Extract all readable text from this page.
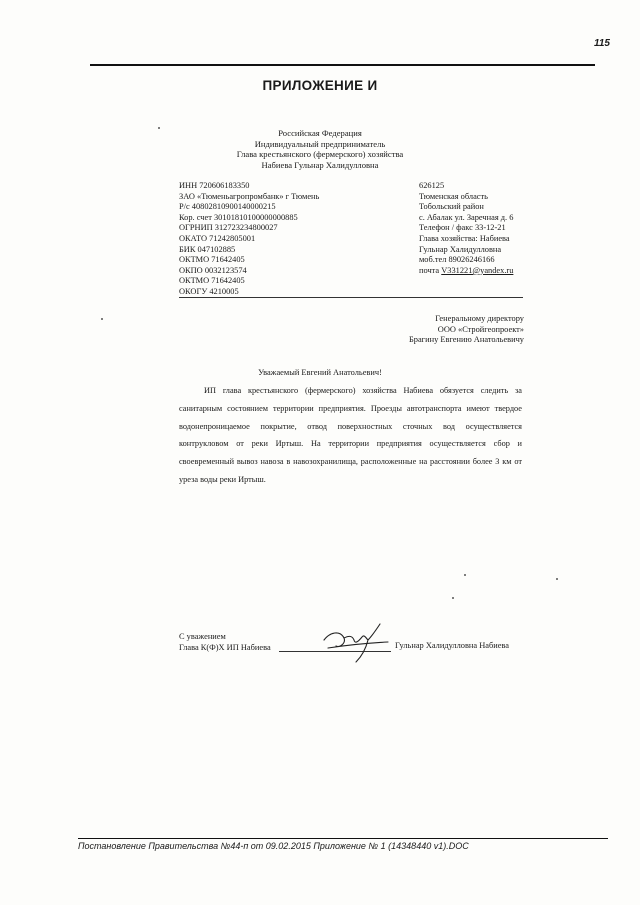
115
ПРИЛОЖЕНИЕ И
Российская Федерация
Индивидуальный предприниматель
Глава крестьянского (фермерского) хозяйства
Набиева Гульнар Халидулловна
ИНН 720606183350
ЗАО «Тюменьагропромбанк» г Тюмень
Р/с 40802810900140000215
Кор. счет 30101810100000000885
ОГРНИП 312723234800027
ОКАТО 71242805001
БИК 047102885
ОКТМО 71642405
ОКПО 0032123574
ОКТМО 71642405
ОКОГУ 4210005
626125
Тюменская область
Тобольский район
с. Абалак ул. Заречная д. 6
Телефон / факс 33-12-21
Глава хозяйства: Набиева
Гульнар Халидулловна
моб.тел 89026246166
почта V331221@yandex.ru
Генеральному директору
ООО «Стройгеопроект»
Брагину Евгению Анатольевичу
Уважаемый Евгений Анатольевич!
ИП глава крестьянского (фермерского) хозяйства Набиева обязуется следить за санитарным состоянием территории предприятия. Проезды автотранспорта имеют твердое водонепроницаемое покрытие, отвод поверхностных сточных вод осуществляется контрукловом от реки Иртыш. На территории предприятия осуществляется сбор и своевременный вывоз навоза в навозохранилища, расположенные на расстоянии более 3 км от уреза воды реки Иртыш.
С уважением
Глава К(Ф)Х ИП Набиева	Гульнар Халидулловна Набиева
Постановление Правительства №44-п от 09.02.2015 Приложение № 1 (14348440 v1).DOC
